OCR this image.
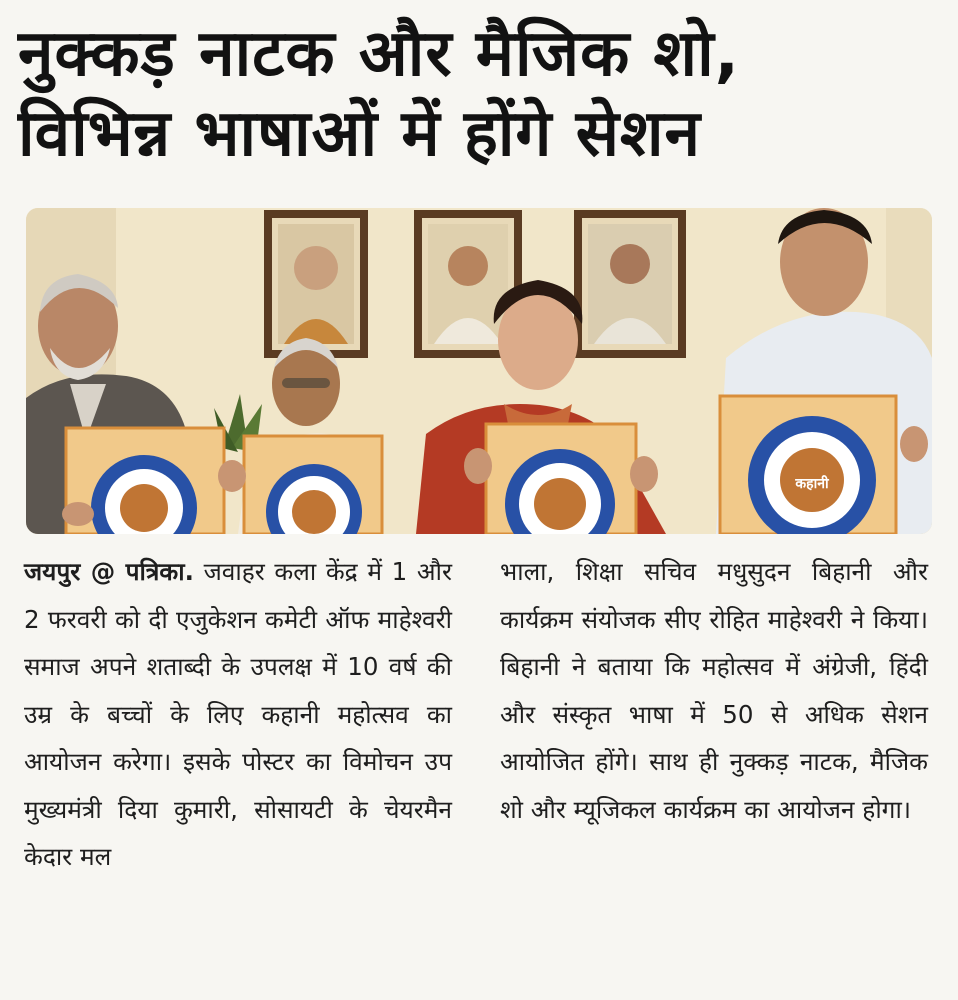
नुक्कड़ नाटक और मैजिक शो,
विभिन्न भाषाओं में होंगे सेशन
कहानी
जयपुर @ पत्रिका. जवाहर कला केंद्र में 1 और 2 फरवरी को दी एजुकेशन कमेटी ऑफ माहेश्वरी समाज अपने शताब्दी के उपलक्ष में 10 वर्ष की उम्र के बच्चों के लिए कहानी महोत्सव का आयोजन करेगा। इसके पोस्टर का विमोचन उप मुख्यमंत्री दिया कुमारी, सोसायटी के चेयरमैन केदार मल
भाला, शिक्षा सचिव मधुसुदन बिहानी और कार्यक्रम संयोजक सीए रोहित माहेश्वरी ने किया। बिहानी ने बताया कि महोत्सव में अंग्रेजी, हिंदी और संस्कृत भाषा में 50 से अधिक सेशन आयोजित होंगे। साथ ही नुक्कड़ नाटक, मैजिक शो और म्यूजिकल कार्यक्रम का आयोजन होगा।
